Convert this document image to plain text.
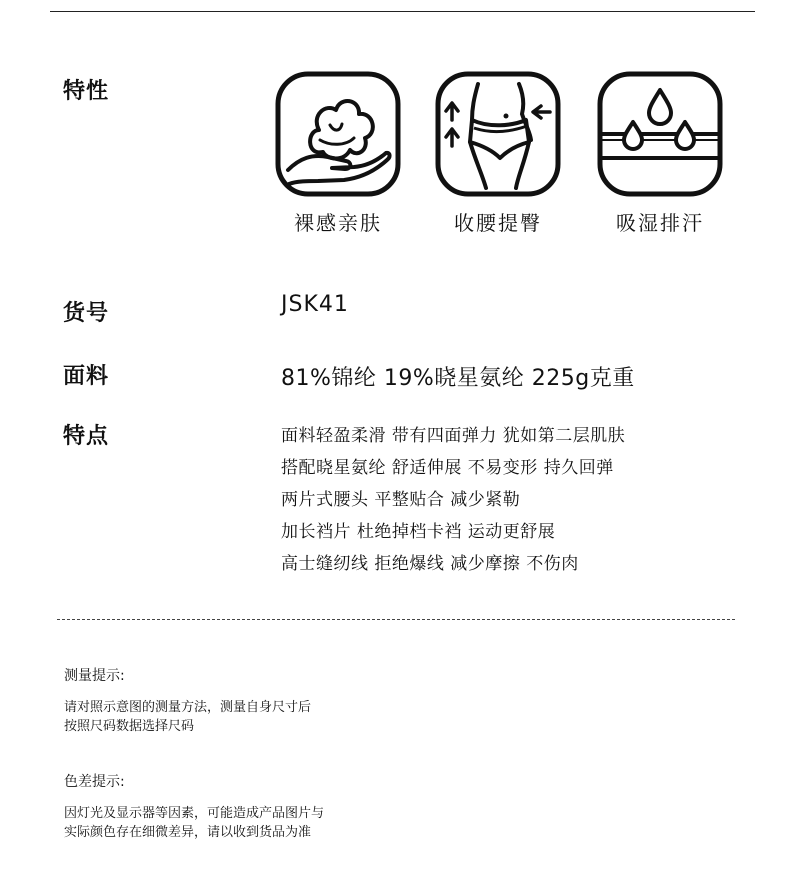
特性
裸感亲肤	收腰提臀	吸湿排汗
货号	JSK41
面料	81%锦纶 19%晓星氨纶 225g克重
特点	面料轻盈柔滑 带有四面弹力 犹如第二层肌肤
搭配晓星氨纶 舒适伸展 不易变形 持久回弹
两片式腰头 平整贴合 减少紧勒
加长裆片 杜绝掉档卡裆 运动更舒展
高士缝纫线 拒绝爆线 减少摩擦 不伤肉
测量提示:
请对照示意图的测量方法，测量自身尺寸后
按照尺码数据选择尺码
色差提示:
因灯光及显示器等因素，可能造成产品图片与
实际颜色存在细微差异，请以收到货品为准
